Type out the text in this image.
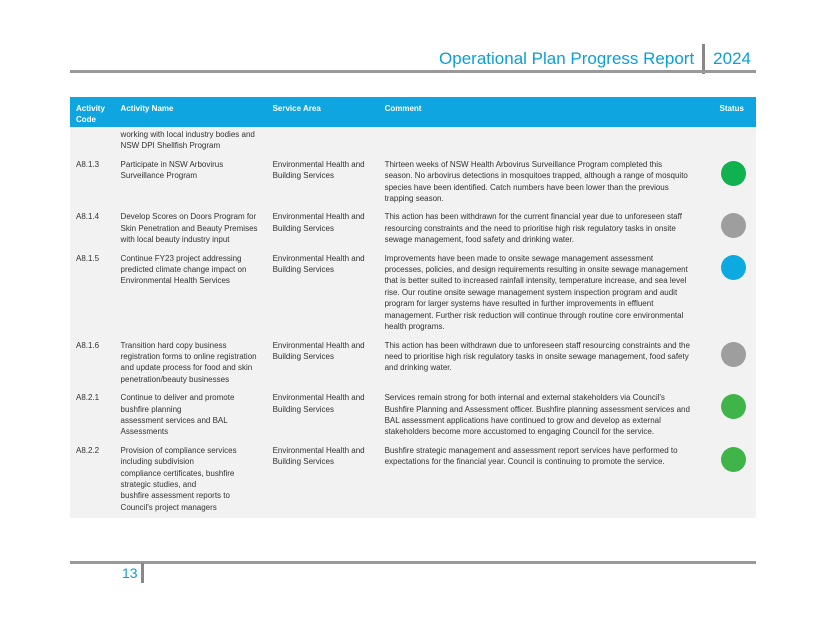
Operational Plan Progress Report	2024
Activity Code	Activity Name	Service Area	Comment	Status
	working with local industry bodies and NSW DPI Shellfish Program			
A8.1.3	Participate in NSW Arbovirus Surveillance Program	Environmental Health and Building Services	Thirteen weeks of NSW Health Arbovirus Surveillance Program completed this season. No arbovirus detections in mosquitoes trapped, although a range of mosquito species have been identified. Catch numbers have been lower than the previous trapping season.	

A8.1.4	Develop Scores on Doors Program for Skin Penetration and Beauty Premises with local beauty industry input	Environmental Health and Building Services	This action has been withdrawn for the current financial year due to unforeseen staff resourcing constraints and the need to prioritise high risk regulatory tasks in onsite sewage management, food safety and drinking water.	

A8.1.5	Continue FY23 project addressing predicted climate change impact on Environmental Health Services	Environmental Health and Building Services	Improvements have been made to onsite sewage management assessment processes, policies, and design requirements resulting in onsite sewage management that is better suited to increased rainfall intensity, temperature increase, and sea level rise. Our routine onsite sewage management system inspection program and audit program for larger systems have resulted in further improvements in effluent management. Further risk reduction will continue through routine core environmental health programs.	

A8.1.6	Transition hard copy business registration forms to online registration and update process for food and skin penetration/beauty businesses	Environmental Health and Building Services	This action has been withdrawn due to unforeseen staff resourcing constraints and the need to prioritise high risk regulatory tasks in onsite sewage management, food safety and drinking water.	

A8.2.1	Continue to deliver and promote bushfire planning
assessment services and BAL Assessments	Environmental Health and Building Services	Services remain strong for both internal and external stakeholders via Council's Bushfire Planning and Assessment officer. Bushfire planning assessment services and BAL assessment applications have continued to grow and develop as external stakeholders become more accustomed to engaging Council for the service.	

A8.2.2	Provision of compliance services including subdivision
compliance certificates, bushfire strategic studies, and
bushfire assessment reports to Council's project managers	Environmental Health and Building Services	Bushfire strategic management and assessment report services have performed to expectations for the financial year. Council is continuing to promote the service.	
13
